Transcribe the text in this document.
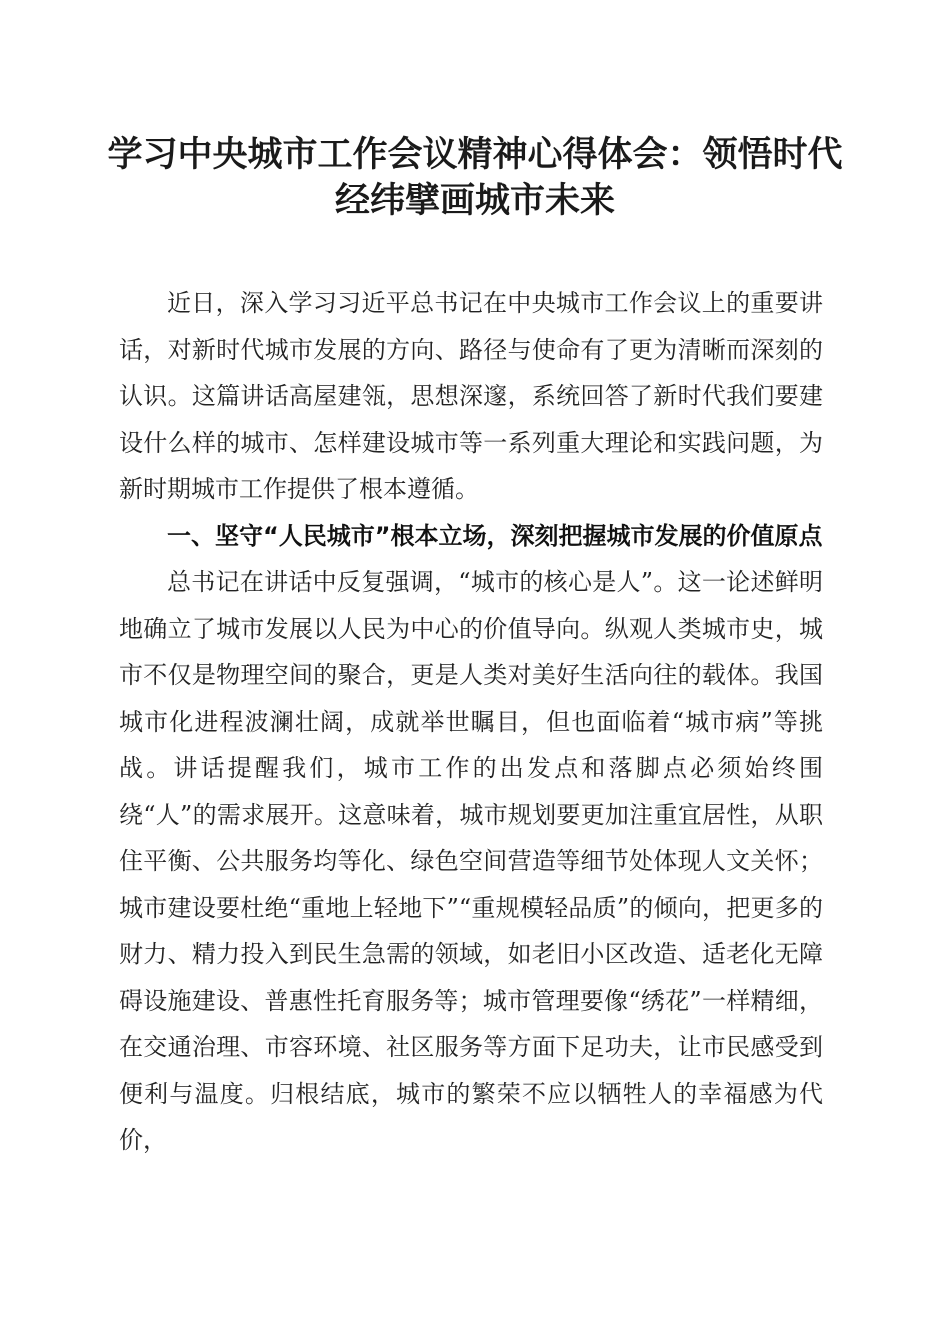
学习中央城市工作会议精神心得体会：领悟时代经纬擘画城市未来

近日，深入学习习近平总书记在中央城市工作会议上的重要讲话，对新时代城市发展的方向、路径与使命有了更为清晰而深刻的认识。这篇讲话高屋建瓴，思想深邃，系统回答了新时代我们要建设什么样的城市、怎样建设城市等一系列重大理论和实践问题，为新时期城市工作提供了根本遵循。

一、坚守“人民城市”根本立场，深刻把握城市发展的价值原点

总书记在讲话中反复强调，“城市的核心是人”。这一论述鲜明地确立了城市发展以人民为中心的价值导向。纵观人类城市史，城市不仅是物理空间的聚合，更是人类对美好生活向往的载体。我国城市化进程波澜壮阔，成就举世瞩目，但也面临着“城市病”等挑战。讲话提醒我们，城市工作的出发点和落脚点必须始终围绕“人”的需求展开。这意味着，城市规划要更加注重宜居性，从职住平衡、公共服务均等化、绿色空间营造等细节处体现人文关怀；城市建设要杜绝“重地上轻地下”“重规模轻品质”的倾向，把更多的财力、精力投入到民生急需的领域，如老旧小区改造、适老化无障碍设施建设、普惠性托育服务等；城市管理要像“绣花”一样精细，在交通治理、市容环境、社区服务等方面下足功夫，让市民感受到便利与温度。归根结底，城市的繁荣不应以牺牲人的幸福感为代价，
